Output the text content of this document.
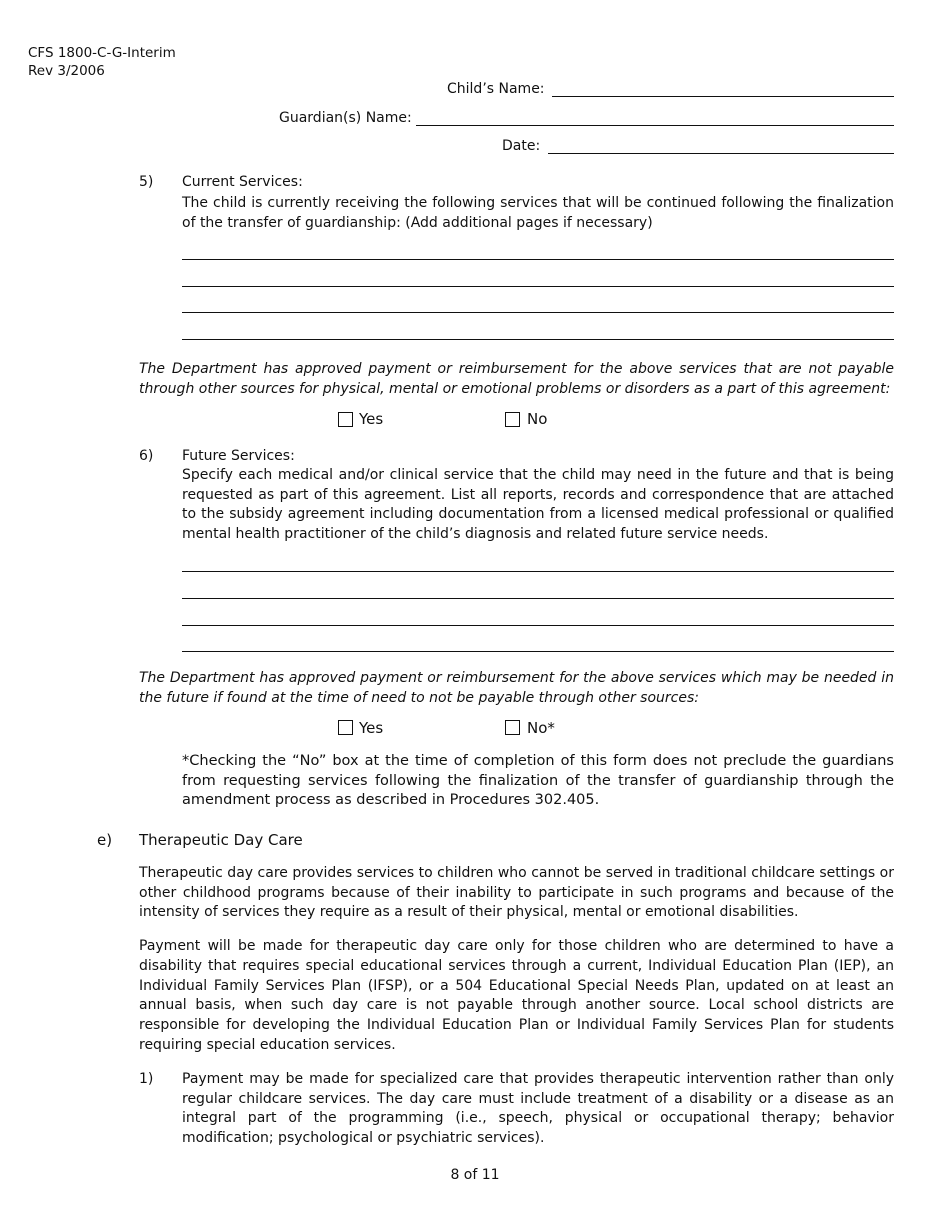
CFS 1800-C-G-Interim
Rev 3/2006
Child’s Name:
Guardian(s) Name:
Date:
5) Current Services:
The child is currently receiving the following services that will be continued following the finalization of the transfer of guardianship: (Add additional pages if necessary)
The Department has approved payment or reimbursement for the above services that are not payable through other sources for physical, mental or emotional problems or disorders as a part of this agreement:
Yes	No
6) Future Services:
Specify each medical and/or clinical service that the child may need in the future and that is being requested as part of this agreement. List all reports, records and correspondence that are attached to the subsidy agreement including documentation from a licensed medical professional or qualified mental health practitioner of the child’s diagnosis and related future service needs.
The Department has approved payment or reimbursement for the above services which may be needed in the future if found at the time of need to not be payable through other sources:
Yes	No*
*Checking the “No” box at the time of completion of this form does not preclude the guardians from requesting services following the finalization of the transfer of guardianship through the amendment process as described in Procedures 302.405.
e) Therapeutic Day Care
Therapeutic day care provides services to children who cannot be served in traditional childcare settings or other childhood programs because of their inability to participate in such programs and because of the intensity of services they require as a result of their physical, mental or emotional disabilities.
Payment will be made for therapeutic day care only for those children who are determined to have a disability that requires special educational services through a current, Individual Education Plan (IEP), an Individual Family Services Plan (IFSP), or a 504 Educational Special Needs Plan, updated on at least an annual basis, when such day care is not payable through another source. Local school districts are responsible for developing the Individual Education Plan or Individual Family Services Plan for students requiring special education services.
1) Payment may be made for specialized care that provides therapeutic intervention rather than only regular childcare services. The day care must include treatment of a disability or a disease as an integral part of the programming (i.e., speech, physical or occupational therapy; behavior modification; psychological or psychiatric services).
8 of 11
